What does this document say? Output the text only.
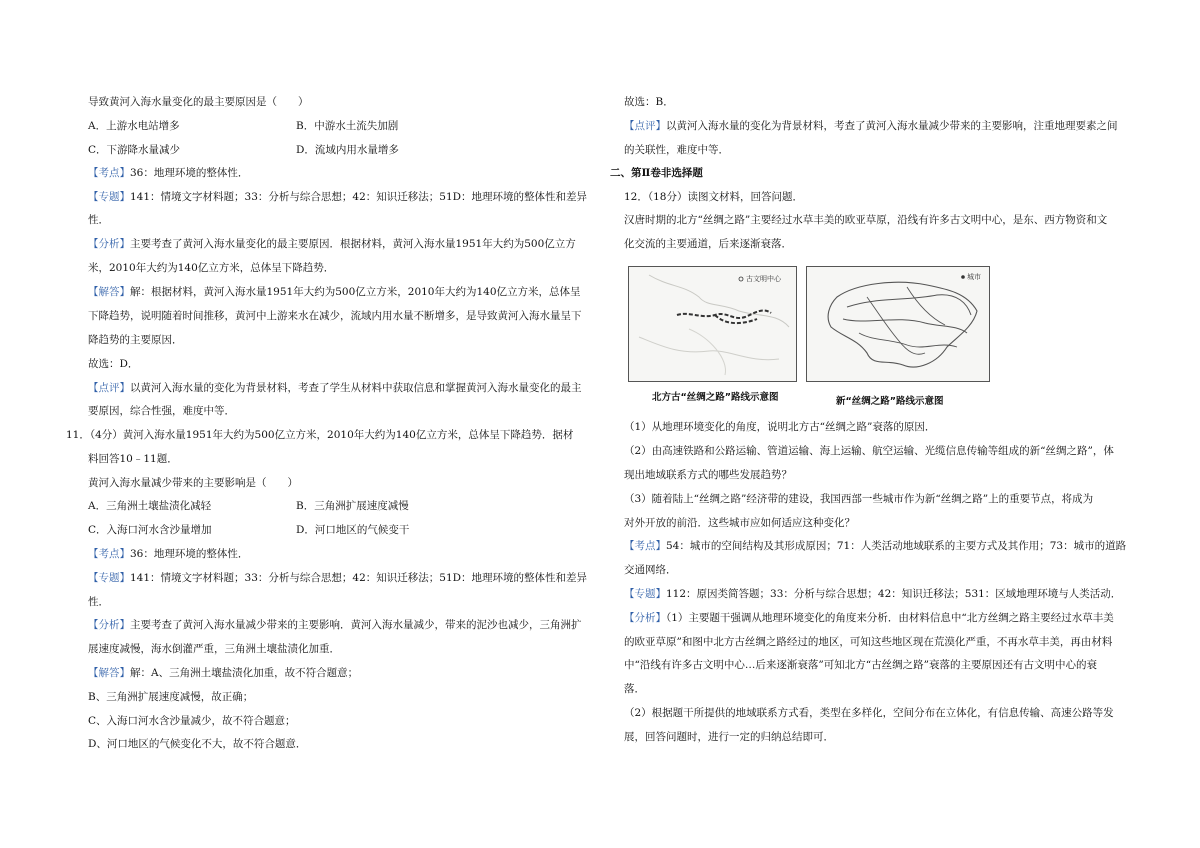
导致黄河入海水量变化的最主要原因是（　　）
A．上游水电站增多	B．中游水土流失加剧
C．下游降水量减少	D．流域内用水量增多
【考点】36：地理环境的整体性．
【专题】141：情境文字材料题；33：分析与综合思想；42：知识迁移法；51D：地理环境的整体性和差异
性．
【分析】主要考查了黄河入海水量变化的最主要原因．根据材料，黄河入海水量1951年大约为500亿立方
米，2010年大约为140亿立方米，总体呈下降趋势．
【解答】解：根据材料，黄河入海水量1951年大约为500亿立方米，2010年大约为140亿立方米，总体呈
下降趋势，说明随着时间推移，黄河中上游来水在减少，流域内用水量不断增多，是导致黄河入海水量呈下
降趋势的主要原因．
故选：D．
【点评】以黄河入海水量的变化为背景材料，考查了学生从材料中获取信息和掌握黄河入海水量变化的最主
要原因，综合性强，难度中等．
11．（4分）黄河入海水量1951年大约为500亿立方米，2010年大约为140亿立方米，总体呈下降趋势．据材
料回答10﹣11题．
黄河入海水量减少带来的主要影响是（　　）
A．三角洲土壤盐渍化减轻	B．三角洲扩展速度减慢
C．入海口河水含沙量增加	D．河口地区的气候变干
【考点】36：地理环境的整体性．
【专题】141：情境文字材料题；33：分析与综合思想；42：知识迁移法；51D：地理环境的整体性和差异
性．
【分析】主要考查了黄河入海水量减少带来的主要影响．黄河入海水量减少，带来的泥沙也减少，三角洲扩
展速度减慢，海水倒灌严重，三角洲土壤盐渍化加重．
【解答】解：A、三角洲土壤盐渍化加重，故不符合题意；
B、三角洲扩展速度减慢，故正确；
C、入海口河水含沙量减少，故不符合题意；
D、河口地区的气候变化不大，故不符合题意．
故选：B．
【点评】以黄河入海水量的变化为背景材料，考查了黄河入海水量减少带来的主要影响，注重地理要素之间
的关联性，难度中等．
二、第Ⅱ卷非选择题
12．（18分）读图文材料，回答问题．
汉唐时期的北方“丝绸之路”主要经过水草丰美的欧亚草原，沿线有许多古文明中心，是东、西方物资和文
化交流的主要通道，后来逐渐衰落．
古文明中心
北方古“丝绸之路”路线示意图
城市
新“丝绸之路”路线示意图
（1）从地理环境变化的角度，说明北方古“丝绸之路”衰落的原因．
（2）由高速铁路和公路运输、管道运输、海上运输、航空运输、光缆信息传输等组成的新“丝绸之路”，体
现出地域联系方式的哪些发展趋势？
（3）随着陆上“丝绸之路”经济带的建设，我国西部一些城市作为新“丝绸之路”上的重要节点，将成为
对外开放的前沿．这些城市应如何适应这种变化？
【考点】54：城市的空间结构及其形成原因；71：人类活动地域联系的主要方式及其作用；73：城市的道路
交通网络．
【专题】112：原因类简答题；33：分析与综合思想；42：知识迁移法；531：区域地理环境与人类活动．
【分析】（1）主要题干强调从地理环境变化的角度来分析．由材料信息中“北方丝绸之路主要经过水草丰美
的欧亚草原”和图中北方古丝绸之路经过的地区，可知这些地区现在荒漠化严重，不再水草丰美，再由材料
中“沿线有许多古文明中心…后来逐渐衰落”可知北方“古丝绸之路”衰落的主要原因还有古文明中心的衰
落．
（2）根据题干所提供的地域联系方式看，类型在多样化，空间分布在立体化，有信息传输、高速公路等发
展，回答问题时，进行一定的归纳总结即可．
